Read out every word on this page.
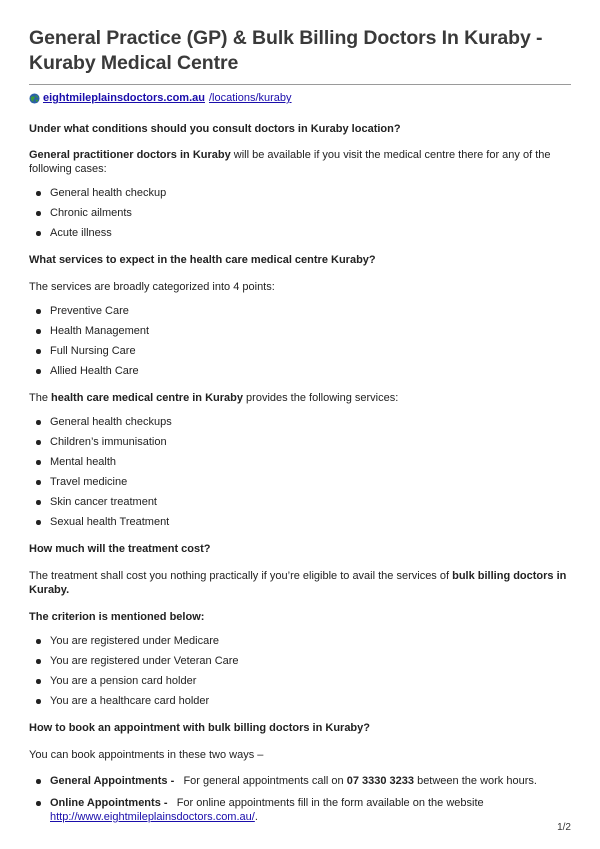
General Practice (GP) & Bulk Billing Doctors In Kuraby - Kuraby Medical Centre
eightmileplainsdoctors.com.au /locations/kuraby

Under what conditions should you consult doctors in Kuraby location?

General practitioner doctors in Kuraby will be available if you visit the medical centre there for any of the following cases:

General health checkup
Chronic ailments
Acute illness

What services to expect in the health care medical centre Kuraby?

The services are broadly categorized into 4 points:

Preventive Care
Health Management
Full Nursing Care
Allied Health Care

The health care medical centre in Kuraby provides the following services:

General health checkups
Children’s immunisation
Mental health
Travel medicine
Skin cancer treatment
Sexual health Treatment

How much will the treatment cost?

The treatment shall cost you nothing practically if you’re eligible to avail the services of bulk billing doctors in Kuraby.

The criterion is mentioned below:

You are registered under Medicare
You are registered under Veteran Care
You are a pension card holder
You are a healthcare card holder

How to book an appointment with bulk billing doctors in Kuraby?

You can book appointments in these two ways –

General Appointments -   For general appointments call on 07 3330 3233 between the work hours.
Online Appointments -   For online appointments fill in the form available on the website
http://www.eightmileplainsdoctors.com.au/.
1/2
